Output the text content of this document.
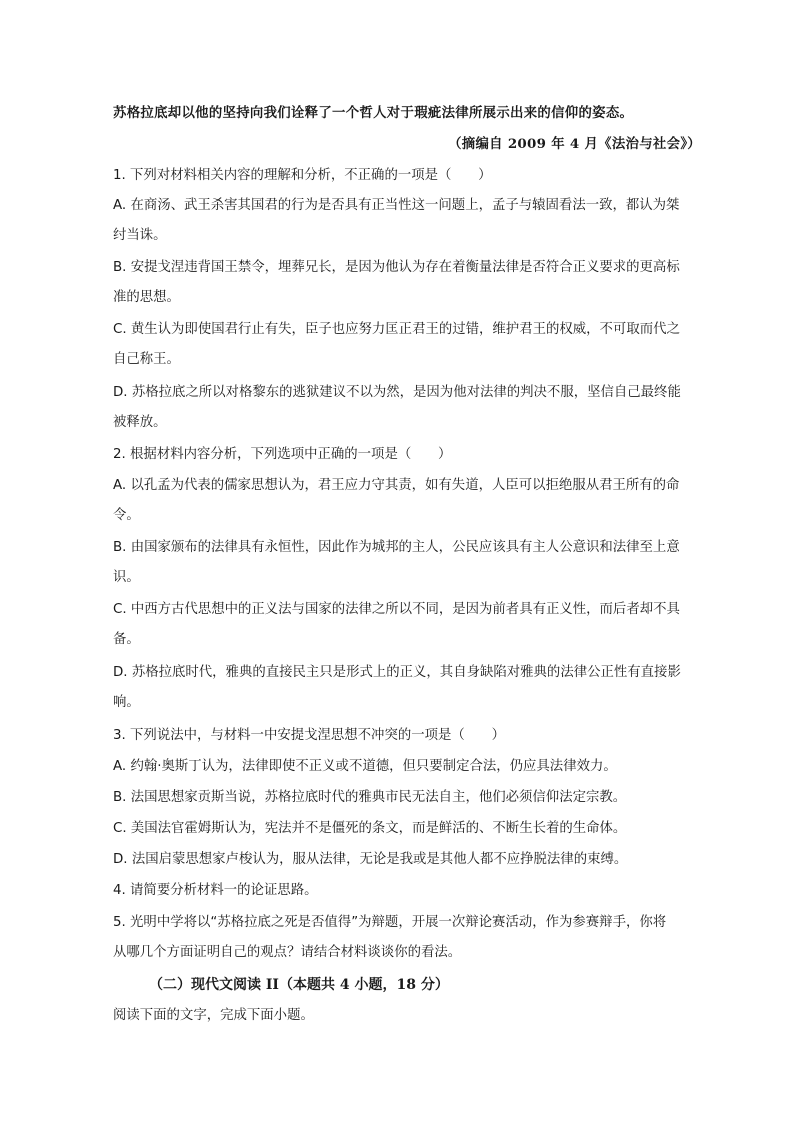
苏格拉底却以他的坚持向我们诠释了一个哲人对于瑕疵法律所展示出来的信仰的姿态。
（摘编自 2009 年 4 月《法治与社会》）
1. 下列对材料相关内容的理解和分析，不正确的一项是（　　）
A. 在商汤、武王杀害其国君的行为是否具有正当性这一问题上，孟子与辕固看法一致，都认为桀
纣当诛。
B. 安提戈涅违背国王禁令，埋葬兄长，是因为他认为存在着衡量法律是否符合正义要求的更高标
准的思想。
C. 黄生认为即使国君行止有失，臣子也应努力匡正君王的过错，维护君王的权威，不可取而代之
自己称王。
D. 苏格拉底之所以对格黎东的逃狱建议不以为然，是因为他对法律的判决不服，坚信自己最终能
被释放。
2. 根据材料内容分析，下列选项中正确的一项是（　　）
A. 以孔孟为代表的儒家思想认为，君王应力守其责，如有失道，人臣可以拒绝服从君王所有的命
令。
B. 由国家颁布的法律具有永恒性，因此作为城邦的主人，公民应该具有主人公意识和法律至上意
识。
C. 中西方古代思想中的正义法与国家的法律之所以不同，是因为前者具有正义性，而后者却不具
备。
D. 苏格拉底时代，雅典的直接民主只是形式上的正义，其自身缺陷对雅典的法律公正性有直接影
响。
3. 下列说法中，与材料一中安提戈涅思想不冲突的一项是（　　）
A. 约翰·奥斯丁认为，法律即使不正义或不道德，但只要制定合法，仍应具法律效力。
B. 法国思想家贡斯当说，苏格拉底时代的雅典市民无法自主，他们必须信仰法定宗教。
C. 美国法官霍姆斯认为，宪法并不是僵死的条文，而是鲜活的、不断生长着的生命体。
D. 法国启蒙思想家卢梭认为，服从法律，无论是我或是其他人都不应挣脱法律的束缚。
4. 请简要分析材料一的论证思路。
5. 光明中学将以“苏格拉底之死是否值得”为辩题，开展一次辩论赛活动，作为参赛辩手，你将
从哪几个方面证明自己的观点？请结合材料谈谈你的看法。
（二）现代文阅读 II（本题共 4 小题，18 分）
阅读下面的文字，完成下面小题。
